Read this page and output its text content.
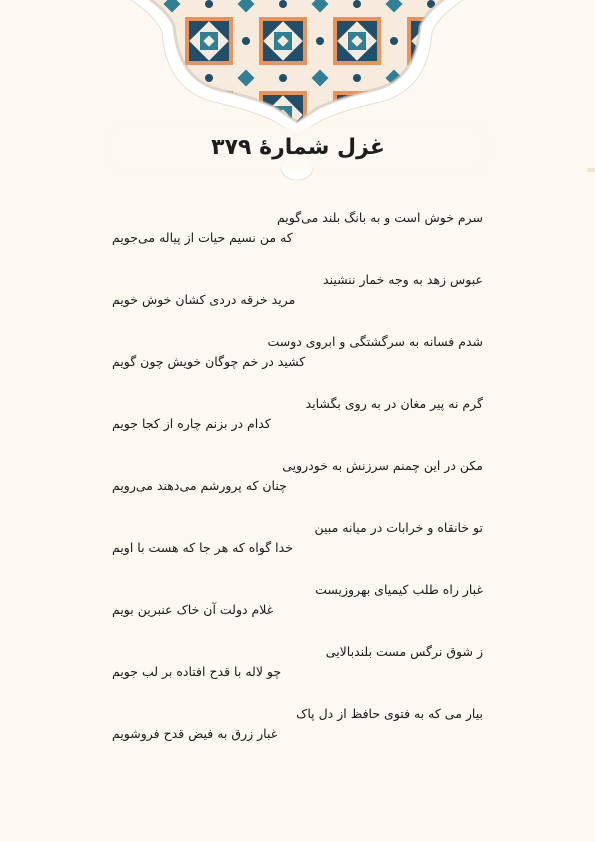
غزل شمارهٔ ۳۷۹
سرم خوش است و به بانگ بلند می‌گویم
که من نسیم حیات از پیاله می‌جویم
عبوس زهد به وجه خمار ننشیند
مرید خرقه دردی کشان خوش خویم
شدم فسانه به سرگشتگی و ابروی دوست
کشید در خم چوگان خویش چون گویم
گرم نه پیر مغان در به روی بگشاید
کدام در بزنم چاره از کجا جویم
مکن در این چمنم سرزنش به خودرویی
چنان که پرورشم می‌دهند می‌رویم
تو خانقاه و خرابات در میانه مبین
خدا گواه که هر جا که هست با اویم
غبار راه طلب کیمیای بهروزیست
غلام دولت آن خاک عنبرین بویم
ز شوق نرگس مست بلندبالایی
چو لاله با قدح افتاده بر لب جویم
بیار می که به فتوی حافظ از دل پاک
غبار زرق به فیض قدح فروشویم
